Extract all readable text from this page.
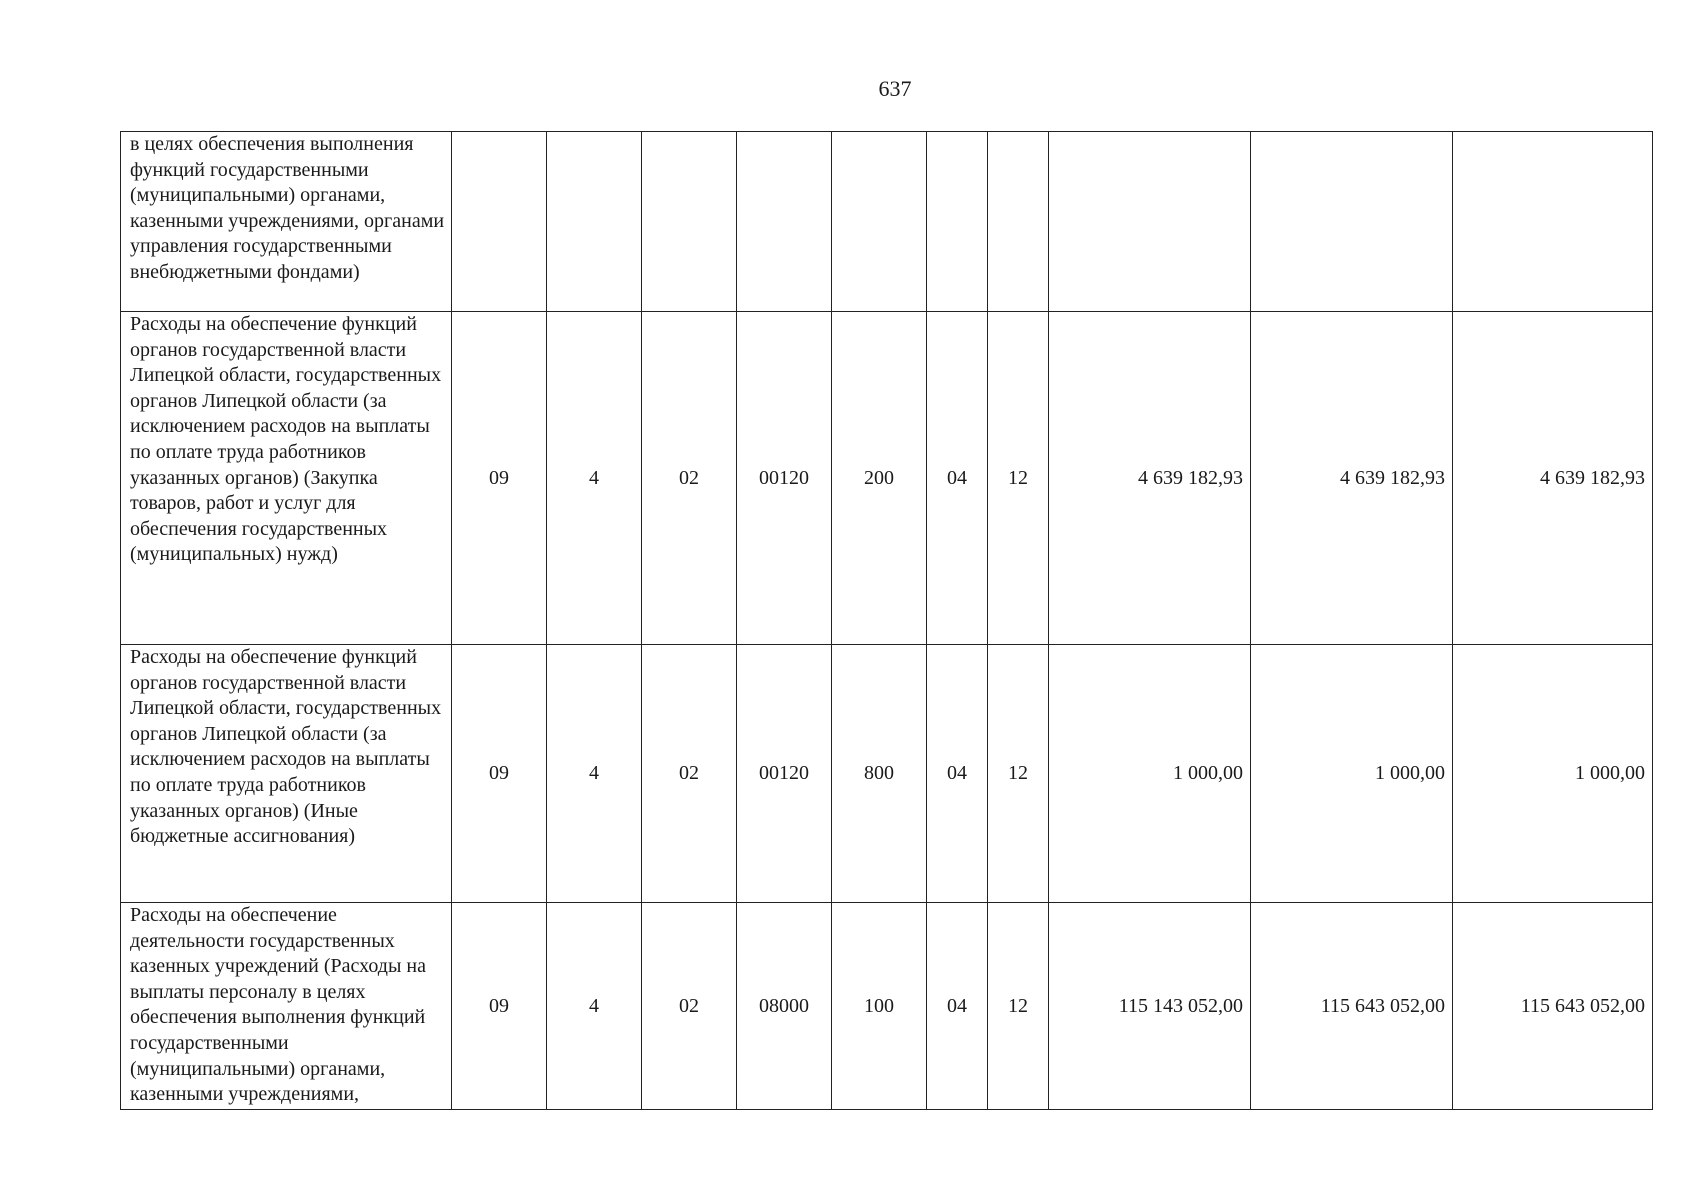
637
в целях обеспечения выполнения функций государственными (муниципальными) органами, казенными учреждениями, органами управления государственными внебюджетными фондами)										
Расходы на обеспечение функций органов государственной власти Липецкой области, государственных органов Липецкой области (за исключением расходов на выплаты по оплате труда работников указанных органов) (Закупка товаров, работ и услуг для обеспечения государственных (муниципальных) нужд)	09	4	02	00120	200	04	12	4 639 182,93	4 639 182,93	4 639 182,93
Расходы на обеспечение функций органов государственной власти Липецкой области, государственных органов Липецкой области (за исключением расходов на выплаты по оплате труда работников указанных органов) (Иные бюджетные ассигнования)	09	4	02	00120	800	04	12	1 000,00	1 000,00	1 000,00
Расходы на обеспечение деятельности государственных казенных учреждений (Расходы на выплаты персоналу в целях обеспечения выполнения функций государственными (муниципальными) органами, казенными учреждениями,	09	4	02	08000	100	04	12	115 143 052,00	115 643 052,00	115 643 052,00
